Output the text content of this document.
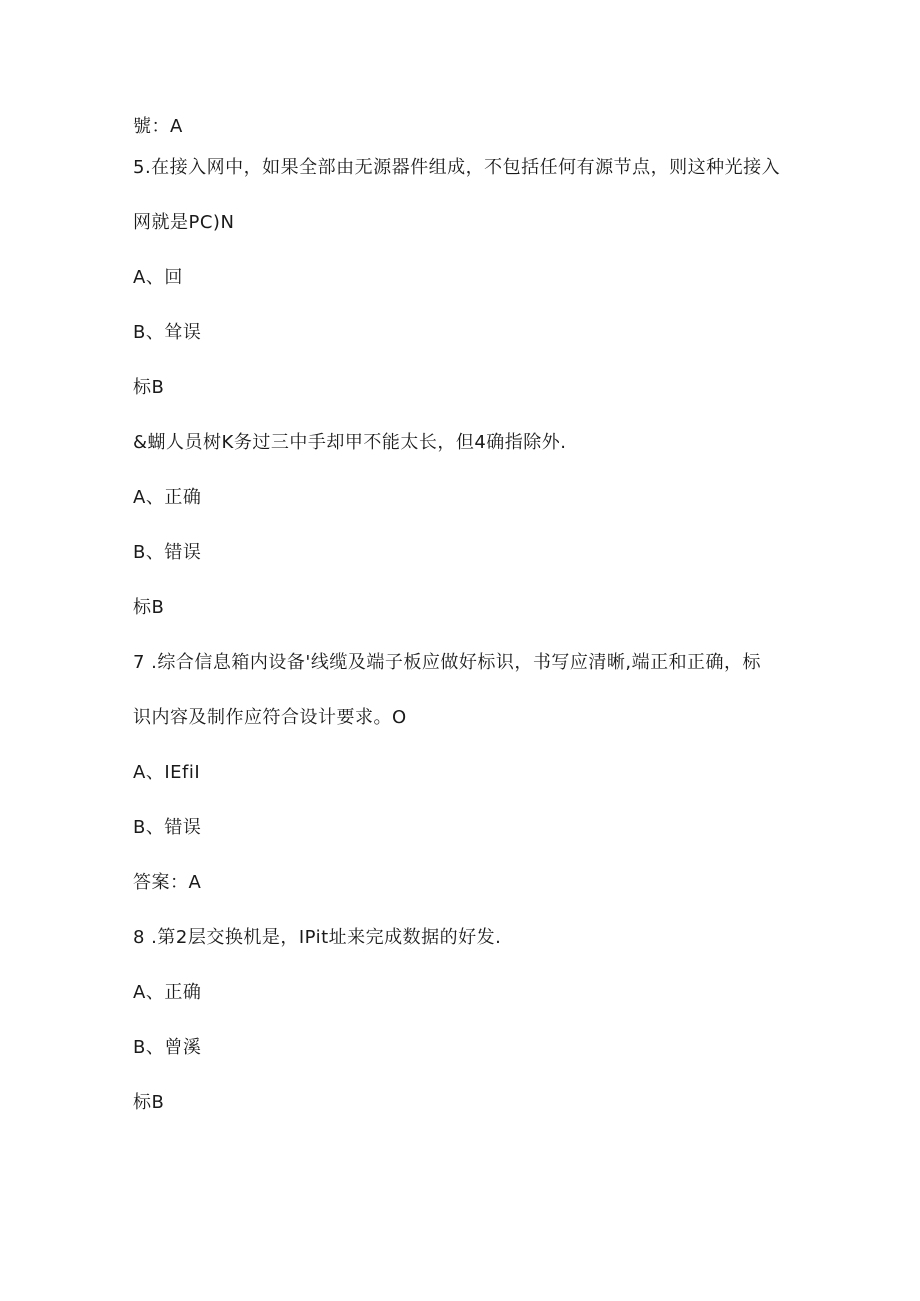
號：A
5.在接入网中，如果全部由无源器件组成，不包括任何有源节点，则这种光接入
网就是PC)N
A、回
B、耸误
标B
&蝴人员树K务过三中手却甲不能太长，但4确指除外.
A、正确
B、错误
标B
7 .综合信息箱内设备'线缆及端子板应做好标识，书写应清晰,端正和正确，标
识内容及制作应符合设计要求。O
A、IEfiI
B、错误
答案：A
8 .第2层交换机是，IPit址来完成数据的好发.
A、正确
B、曾溪
标B
